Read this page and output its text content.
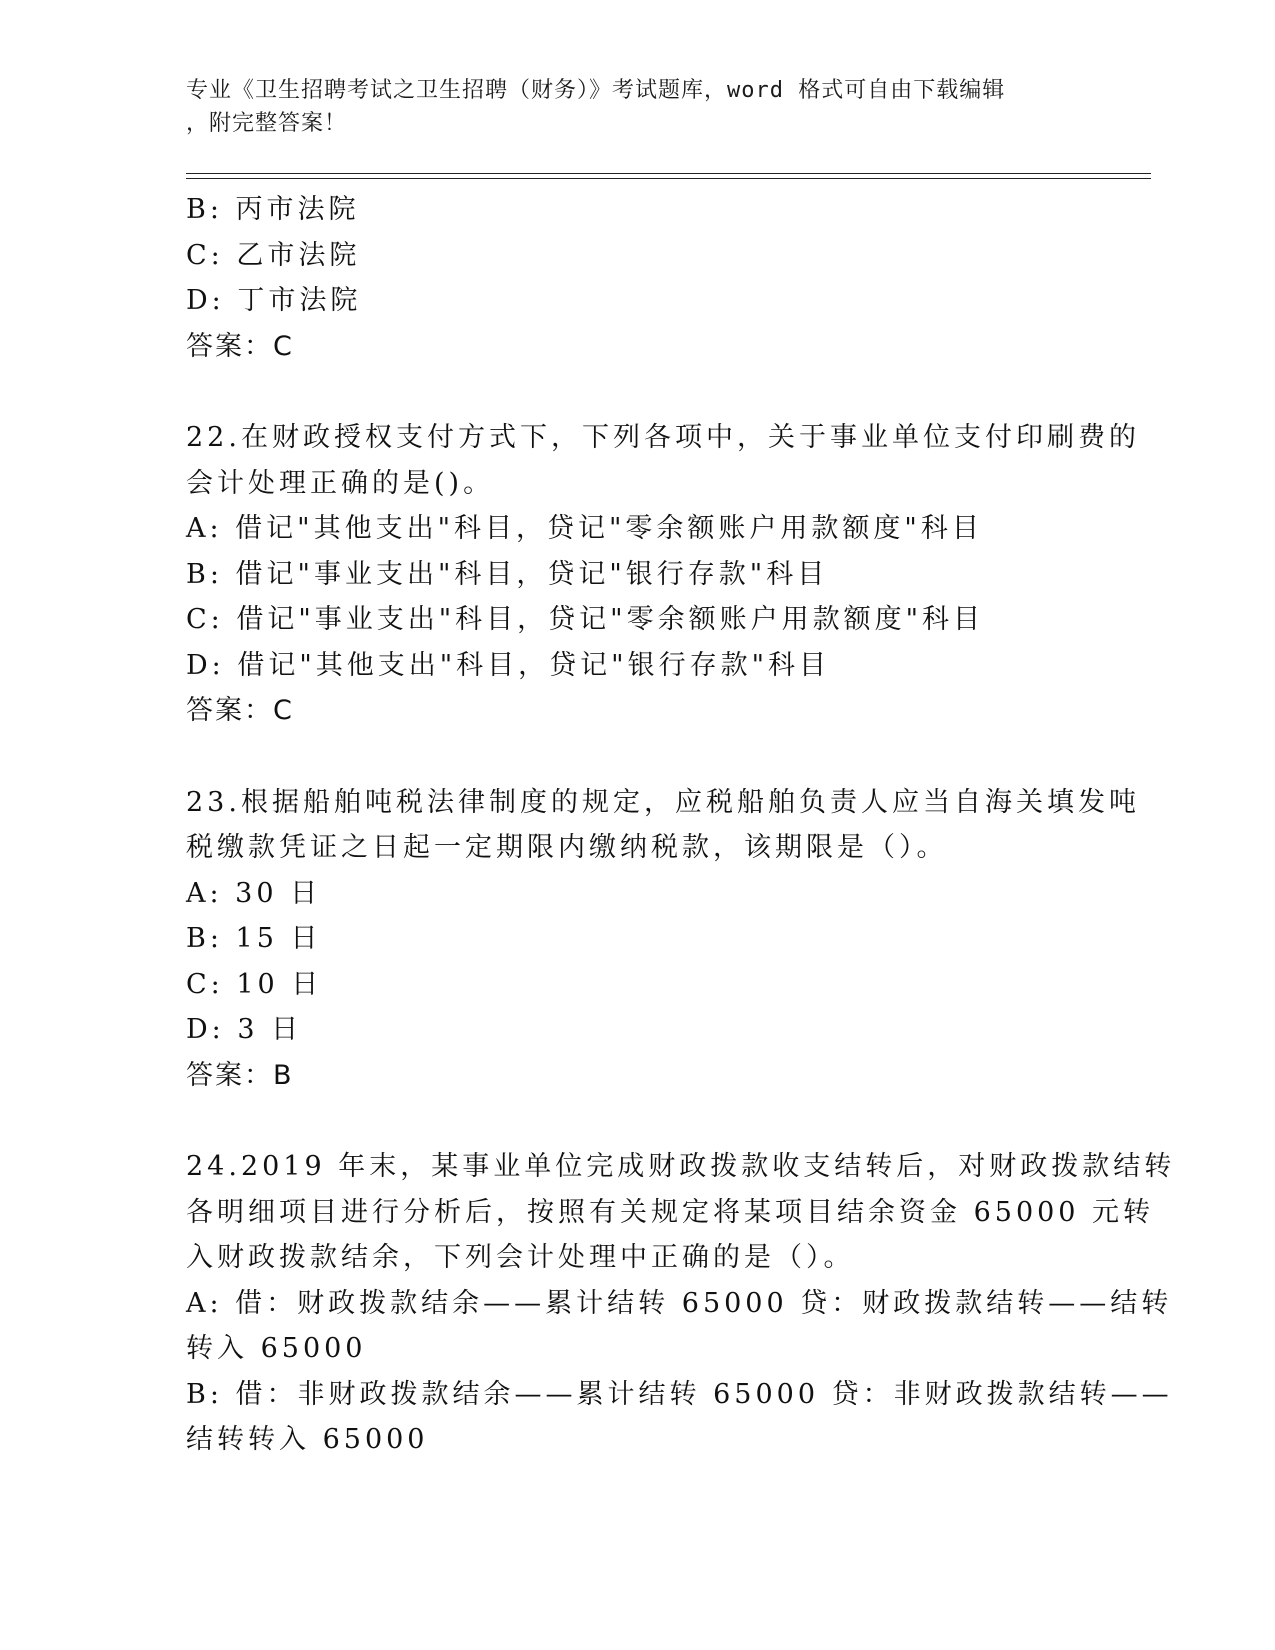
专业《卫生招聘考试之卫生招聘（财务）》考试题库，word 格式可自由下载编辑
，附完整答案！
B: 丙市法院
C: 乙市法院
D: 丁市法院
答案：C
22.在财政授权支付方式下，下列各项中，关于事业单位支付印刷费的
会计处理正确的是()。
A: 借记"其他支出"科目，贷记"零余额账户用款额度"科目
B: 借记"事业支出"科目，贷记"银行存款"科目
C: 借记"事业支出"科目，贷记"零余额账户用款额度"科目
D: 借记"其他支出"科目，贷记"银行存款"科目
答案：C
23.根据船舶吨税法律制度的规定，应税船舶负责人应当自海关填发吨
税缴款凭证之日起一定期限内缴纳税款，该期限是（）。
A: 30 日
B: 15 日
C: 10 日
D: 3 日
答案：B
24.2019 年末，某事业单位完成财政拨款收支结转后，对财政拨款结转
各明细项目进行分析后，按照有关规定将某项目结余资金 65000 元转
入财政拨款结余，下列会计处理中正确的是（）。
A: 借：财政拨款结余——累计结转 65000 贷：财政拨款结转——结转
转入 65000
B: 借：非财政拨款结余——累计结转 65000 贷：非财政拨款结转——
结转转入 65000
